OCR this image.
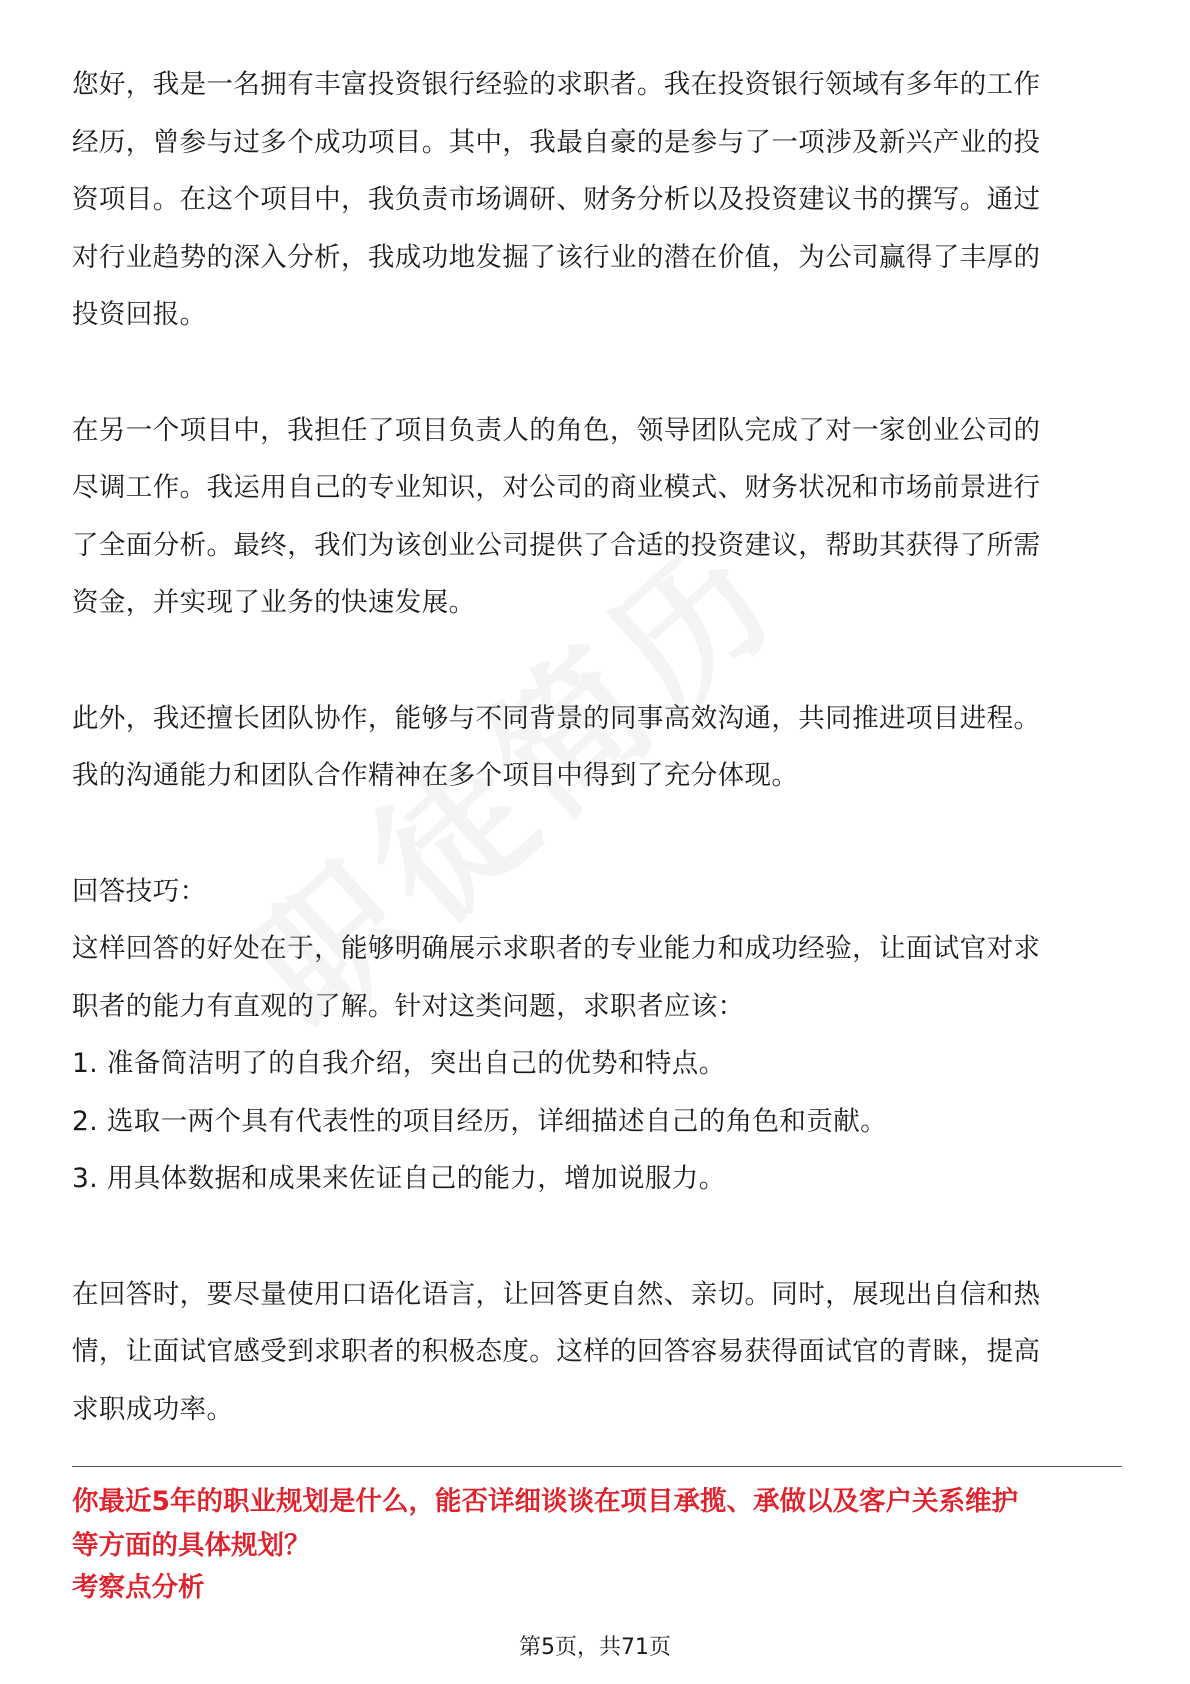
您好，我是一名拥有丰富投资银行经验的求职者。我在投资银行领域有多年的工作
经历，曾参与过多个成功项目。其中，我最自豪的是参与了一项涉及新兴产业的投
资项目。在这个项目中，我负责市场调研、财务分析以及投资建议书的撰写。通过
对行业趋势的深入分析，我成功地发掘了该行业的潜在价值，为公司赢得了丰厚的
投资回报。

在另一个项目中，我担任了项目负责人的角色，领导团队完成了对一家创业公司的
尽调工作。我运用自己的专业知识，对公司的商业模式、财务状况和市场前景进行
了全面分析。最终，我们为该创业公司提供了合适的投资建议，帮助其获得了所需
资金，并实现了业务的快速发展。

此外，我还擅长团队协作，能够与不同背景的同事高效沟通，共同推进项目进程。
我的沟通能力和团队合作精神在多个项目中得到了充分体现。

回答技巧：
这样回答的好处在于，能够明确展示求职者的专业能力和成功经验，让面试官对求
职者的能力有直观的了解。针对这类问题，求职者应该：
1. 准备简洁明了的自我介绍，突出自己的优势和特点。
2. 选取一两个具有代表性的项目经历，详细描述自己的角色和贡献。
3. 用具体数据和成果来佐证自己的能力，增加说服力。

在回答时，要尽量使用口语化语言，让回答更自然、亲切。同时，展现出自信和热
情，让面试官感受到求职者的积极态度。这样的回答容易获得面试官的青睐，提高
求职成功率。

你最近5年的职业规划是什么，能否详细谈谈在项目承揽、承做以及客户关系维护
等方面的具体规划？

考察点分析
第5页，共71页
